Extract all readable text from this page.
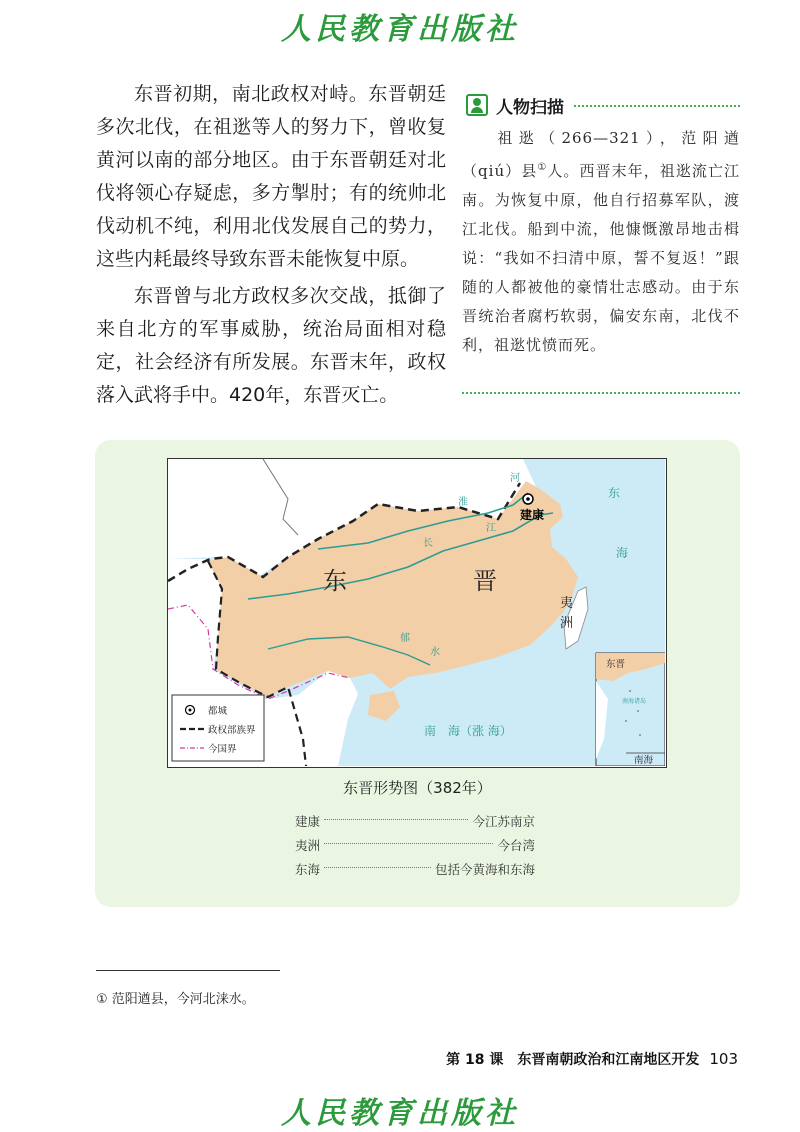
人民教育出版社

东晋初期，南北政权对峙。东晋朝廷多次北伐，在祖逖等人的努力下，曾收复黄河以南的部分地区。由于东晋朝廷对北伐将领心存疑虑，多方掣肘；有的统帅北伐动机不纯，利用北伐发展自己的势力，这些内耗最终导致东晋未能恢复中原。

东晋曾与北方政权多次交战，抵御了来自北方的军事威胁，统治局面相对稳定，社会经济有所发展。东晋末年，政权落入武将手中。420年，东晋灭亡。

人物扫描
祖逖（266—321），范阳遒（qiú）县①人。西晋末年，祖逖流亡江南。为恢复中原，他自行招募军队，渡江北伐。船到中流，他慷慨激昂地击楫说：“我如不扫清中原，誓不复返！”跟随的人都被他的豪情壮志感动。由于东晋统治者腐朽软弱，偏安东南，北伐不利，祖逖忧愤而死。
建康
东	晋
淮
河
长
江
郁
水
东
海
南　海（涨 海）
夷
洲
都城
政权部族界
今国界
东晋
南海诸岛
南海
东晋形势图（382年）
建康	今江苏南京
夷洲	今台湾
东海	包括今黄海和东海
① 范阳遒县，今河北涞水。
第 18 课　东晋南朝政治和江南地区开发 103
人民教育出版社
